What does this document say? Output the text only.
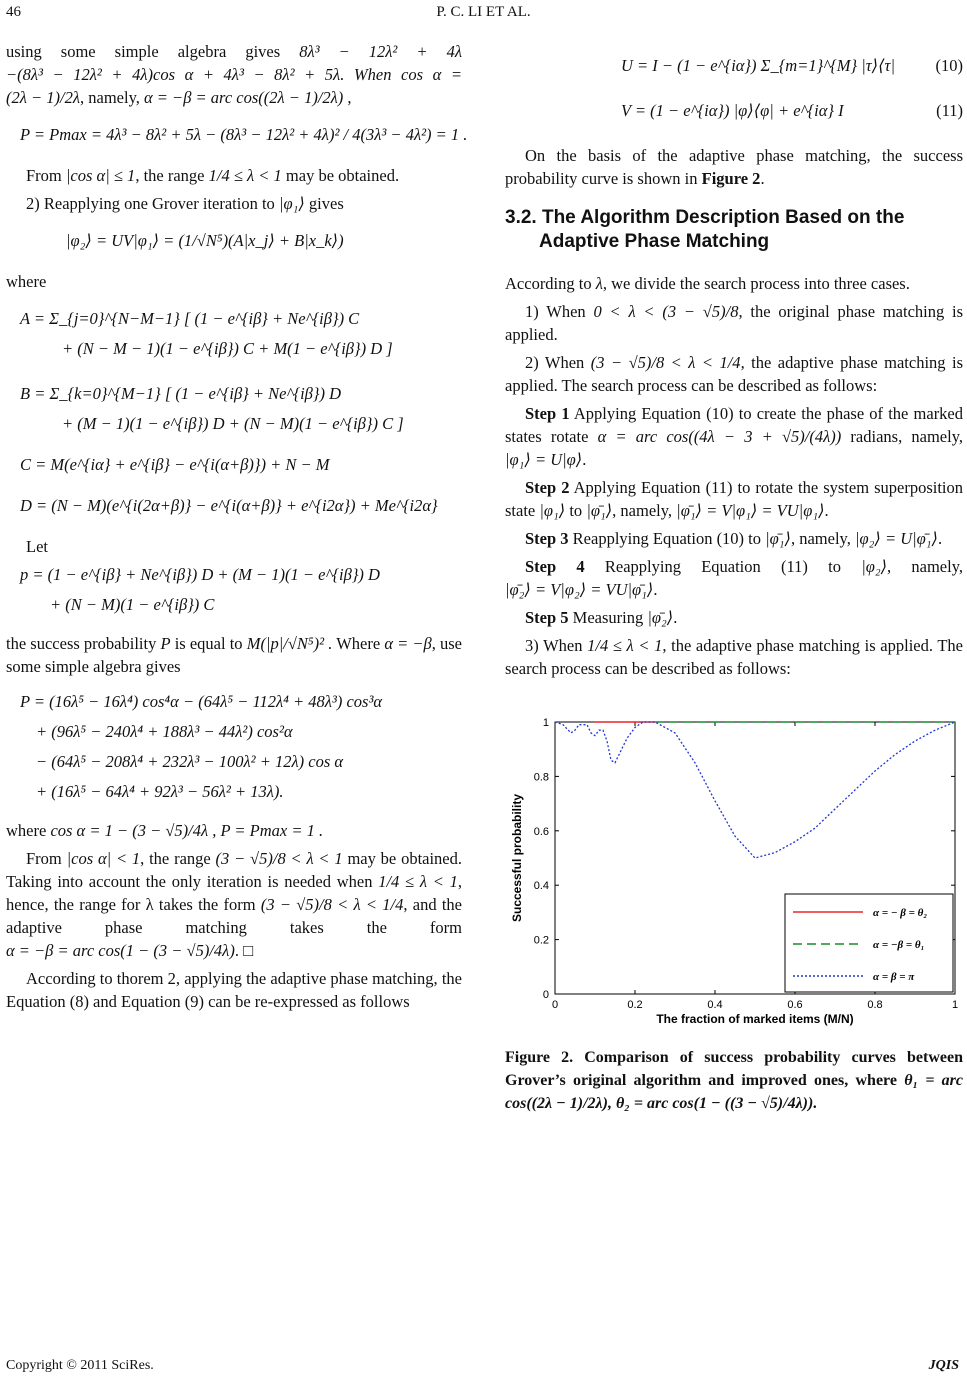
46	P. C. LI ET AL.

using some simple algebra gives 8λ³ − 12λ² + 4λ −(8λ³ − 12λ² + 4λ)cos α + 4λ³ − 8λ² + 5λ. When cos α = (2λ − 1)/2λ, namely, α = −β = arc cos((2λ − 1)/2λ) ,

P = Pmax = 4λ³ − 8λ² + 5λ − (8λ³ − 12λ² + 4λ)² / 4(3λ³ − 4λ²) = 1 .

From |cos α| ≤ 1, the range 1/4 ≤ λ < 1 may be obtained.

2) Reapplying one Grover iteration to |φ₁⟩ gives

|φ₂⟩ = UV|φ₁⟩ = (1/√N⁵)(A|x_j⟩ + B|x_k⟩)

where

A = Σ_{j=0}^{N−M−1} [ (1 − e^{iβ} + Ne^{iβ}) C
+ (N − M − 1)(1 − e^{iβ}) C + M(1 − e^{iβ}) D ]
B = Σ_{k=0}^{M−1} [ (1 − e^{iβ} + Ne^{iβ}) D
+ (M − 1)(1 − e^{iβ}) D + (N − M)(1 − e^{iβ}) C ]
C = M(e^{iα} + e^{iβ} − e^{i(α+β)}) + N − M
D = (N − M)(e^{i(2α+β)} − e^{i(α+β)} + e^{i2α}) + Me^{i2α}

Let

p = (1 − e^{iβ} + Ne^{iβ}) D + (M − 1)(1 − e^{iβ}) D
+ (N − M)(1 − e^{iβ}) C

the success probability P is equal to M(|p|/√N⁵)² . Where α = −β, use some simple algebra gives

P = (16λ⁵ − 16λ⁴) cos⁴α − (64λ⁵ − 112λ⁴ + 48λ³) cos³α
+ (96λ⁵ − 240λ⁴ + 188λ³ − 44λ²) cos²α
− (64λ⁵ − 208λ⁴ + 232λ³ − 100λ² + 12λ) cos α
+ (16λ⁵ − 64λ⁴ + 92λ³ − 56λ² + 13λ).

where cos α = 1 − (3 − √5)/4λ , P = Pmax = 1 .

From |cos α| < 1, the range (3 − √5)/8 < λ < 1 may be obtained. Taking into account the only iteration is needed when 1/4 ≤ λ < 1, hence, the range for λ takes the form (3 − √5)/8 < λ < 1/4, and the adaptive phase matching takes the form α = −β = arc cos(1 − (3 − √5)/4λ). □

According to thorem 2, applying the adaptive phase matching, the Equation (8) and Equation (9) can be re-expressed as follows

U = I − (1 − e^{iα}) Σ_{m=1}^{M} |τ⟩⟨τ| (10)
V = (1 − e^{iα}) |φ⟩⟨φ| + e^{iα} I	(11)

On the basis of the adaptive phase matching, the success probability curve is shown in Figure 2.

3.2. The Algorithm Description Based on the
Adaptive Phase Matching

According to λ, we divide the search process into three cases.

1) When 0 < λ < (3 − √5)/8, the original phase matching is applied.

2) When (3 − √5)/8 < λ < 1/4, the adaptive phase matching is applied. The search process can be described as follows:

Step 1 Applying Equation (10) to create the phase of the marked states rotate α = arc cos((4λ − 3 + √5)/(4λ)) radians, namely, |φ₁⟩ = U|φ⟩.

Step 2 Applying Equation (11) to rotate the system superposition state |φ₁⟩ to |φ̄₁⟩, namely, |φ̄₁⟩ = V|φ₁⟩ = VU|φ₁⟩.

Step 3 Reapplying Equation (10) to |φ̄₁⟩, namely, |φ₂⟩ = U|φ̄₁⟩.

Step 4 Reapplying Equation (11) to |φ₂⟩, namely, |φ̄₂⟩ = V|φ₂⟩ = VU|φ̄₁⟩.

Step 5 Measuring |φ̄₂⟩.

3) When 1/4 ≤ λ < 1, the adaptive phase matching is applied. The search process can be described as follows:

0	0.2	0.4	0.6	0.8	1
0
0.2
0.4
0.6
0.8
1
The fraction of marked items (M/N)
Successful probability	α = − β = θ₂
α = −β = θ₁
α = β = π
Figure 2. Comparison of success probability curves between Grover’s original algorithm and improved ones, where θ₁ = arc cos((2λ − 1)/2λ), θ₂ = arc cos(1 − ((3 − √5)/4λ)).
Copyright © 2011 SciRes.	JQIS
